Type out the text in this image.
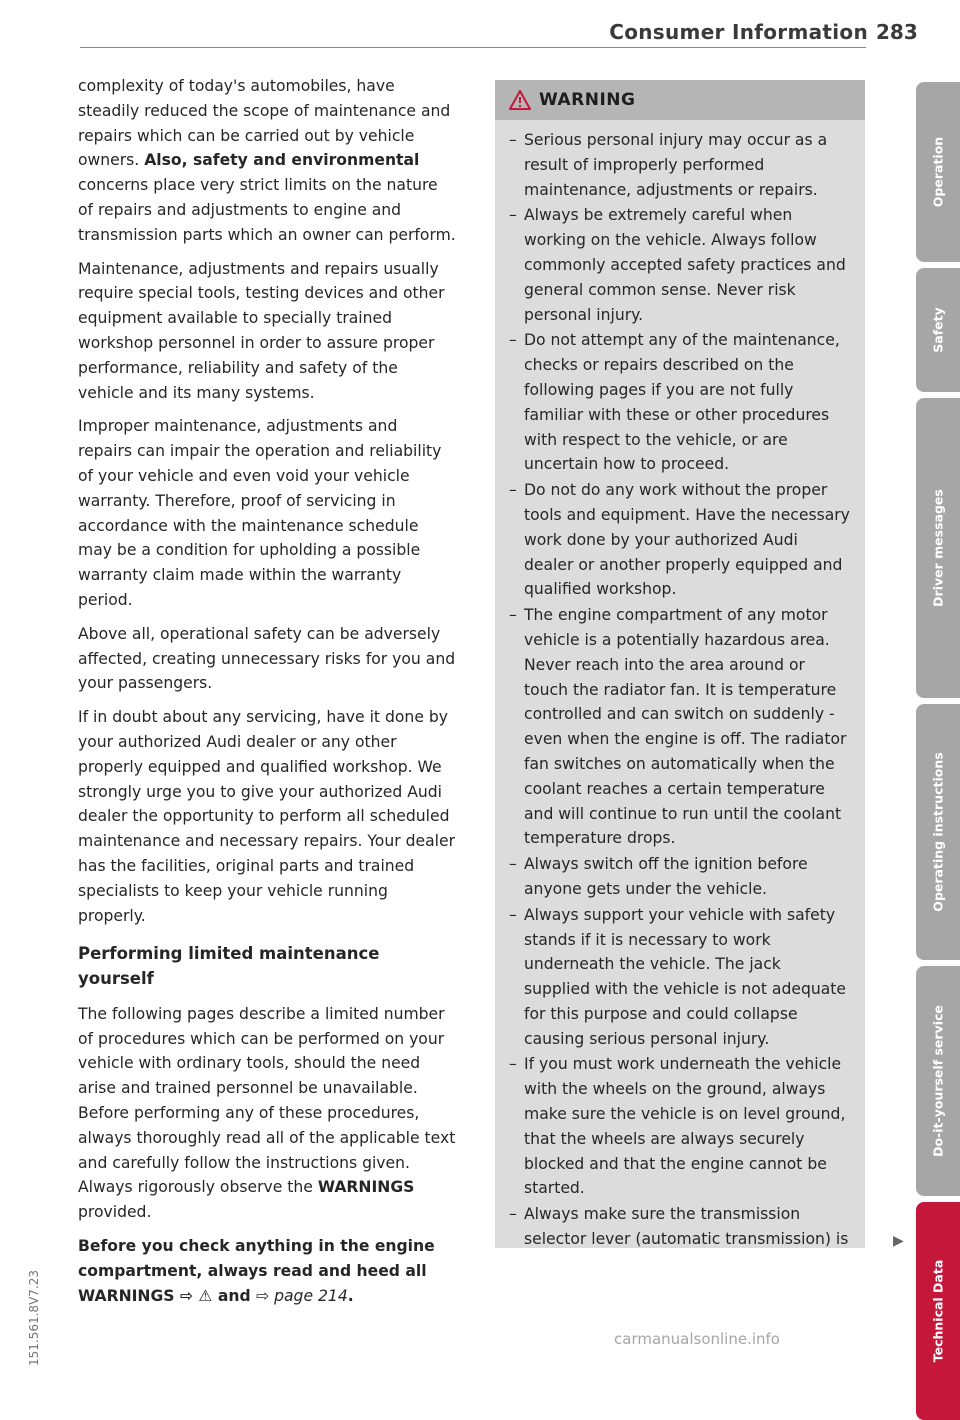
Consumer Information 283

complexity of today's automobiles, have steadily reduced the scope of maintenance and repairs which can be carried out by vehicle owners. Also, safety and environmental concerns place very strict limits on the nature of repairs and adjustments to engine and transmission parts which an owner can perform.

Maintenance, adjustments and repairs usually require special tools, testing devices and other equipment available to specially trained workshop personnel in order to assure proper performance, reliability and safety of the vehicle and its many systems.

Improper maintenance, adjustments and repairs can impair the operation and reliability of your vehicle and even void your vehicle warranty. Therefore, proof of servicing in accordance with the maintenance schedule may be a condition for upholding a possible warranty claim made within the warranty period.

Above all, operational safety can be adversely affected, creating unnecessary risks for you and your passengers.

If in doubt about any servicing, have it done by your authorized Audi dealer or any other properly equipped and qualified workshop. We strongly urge you to give your authorized Audi dealer the opportunity to perform all scheduled maintenance and necessary repairs. Your dealer has the facilities, original parts and trained specialists to keep your vehicle running properly.

Performing limited maintenance yourself

The following pages describe a limited number of procedures which can be performed on your vehicle with ordinary tools, should the need arise and trained personnel be unavailable. Before performing any of these procedures, always thoroughly read all of the applicable text and carefully follow the instructions given. Always rigorously observe the WARNINGS provided.

Before you check anything in the engine compartment, always read and heed all WARNINGS ⇨ ⚠ and ⇨ page 214.

WARNING
– Serious personal injury may occur as a result of improperly performed maintenance, adjustments or repairs.
– Always be extremely careful when working on the vehicle. Always follow commonly accepted safety practices and general common sense. Never risk personal injury.
– Do not attempt any of the maintenance, checks or repairs described on the following pages if you are not fully familiar with these or other procedures with respect to the vehicle, or are uncertain how to proceed.
– Do not do any work without the proper tools and equipment. Have the necessary work done by your authorized Audi dealer or another properly equipped and qualified workshop.
– The engine compartment of any motor vehicle is a potentially hazardous area. Never reach into the area around or touch the radiator fan. It is temperature controlled and can switch on suddenly - even when the engine is off. The radiator fan switches on automatically when the coolant reaches a certain temperature and will continue to run until the coolant temperature drops.
– Always switch off the ignition before anyone gets under the vehicle.
– Always support your vehicle with safety stands if it is necessary to work underneath the vehicle. The jack supplied with the vehicle is not adequate for this purpose and could collapse causing serious personal injury.
– If you must work underneath the vehicle with the wheels on the ground, always make sure the vehicle is on level ground, that the wheels are always securely blocked and that the engine cannot be started.
– Always make sure the transmission selector lever (automatic transmission) is	▶
Operation
Safety
Driver messages
Operating instructions
Do-it-yourself service
Technical Data
151.561.8V7.23	carmanualsonline.info
